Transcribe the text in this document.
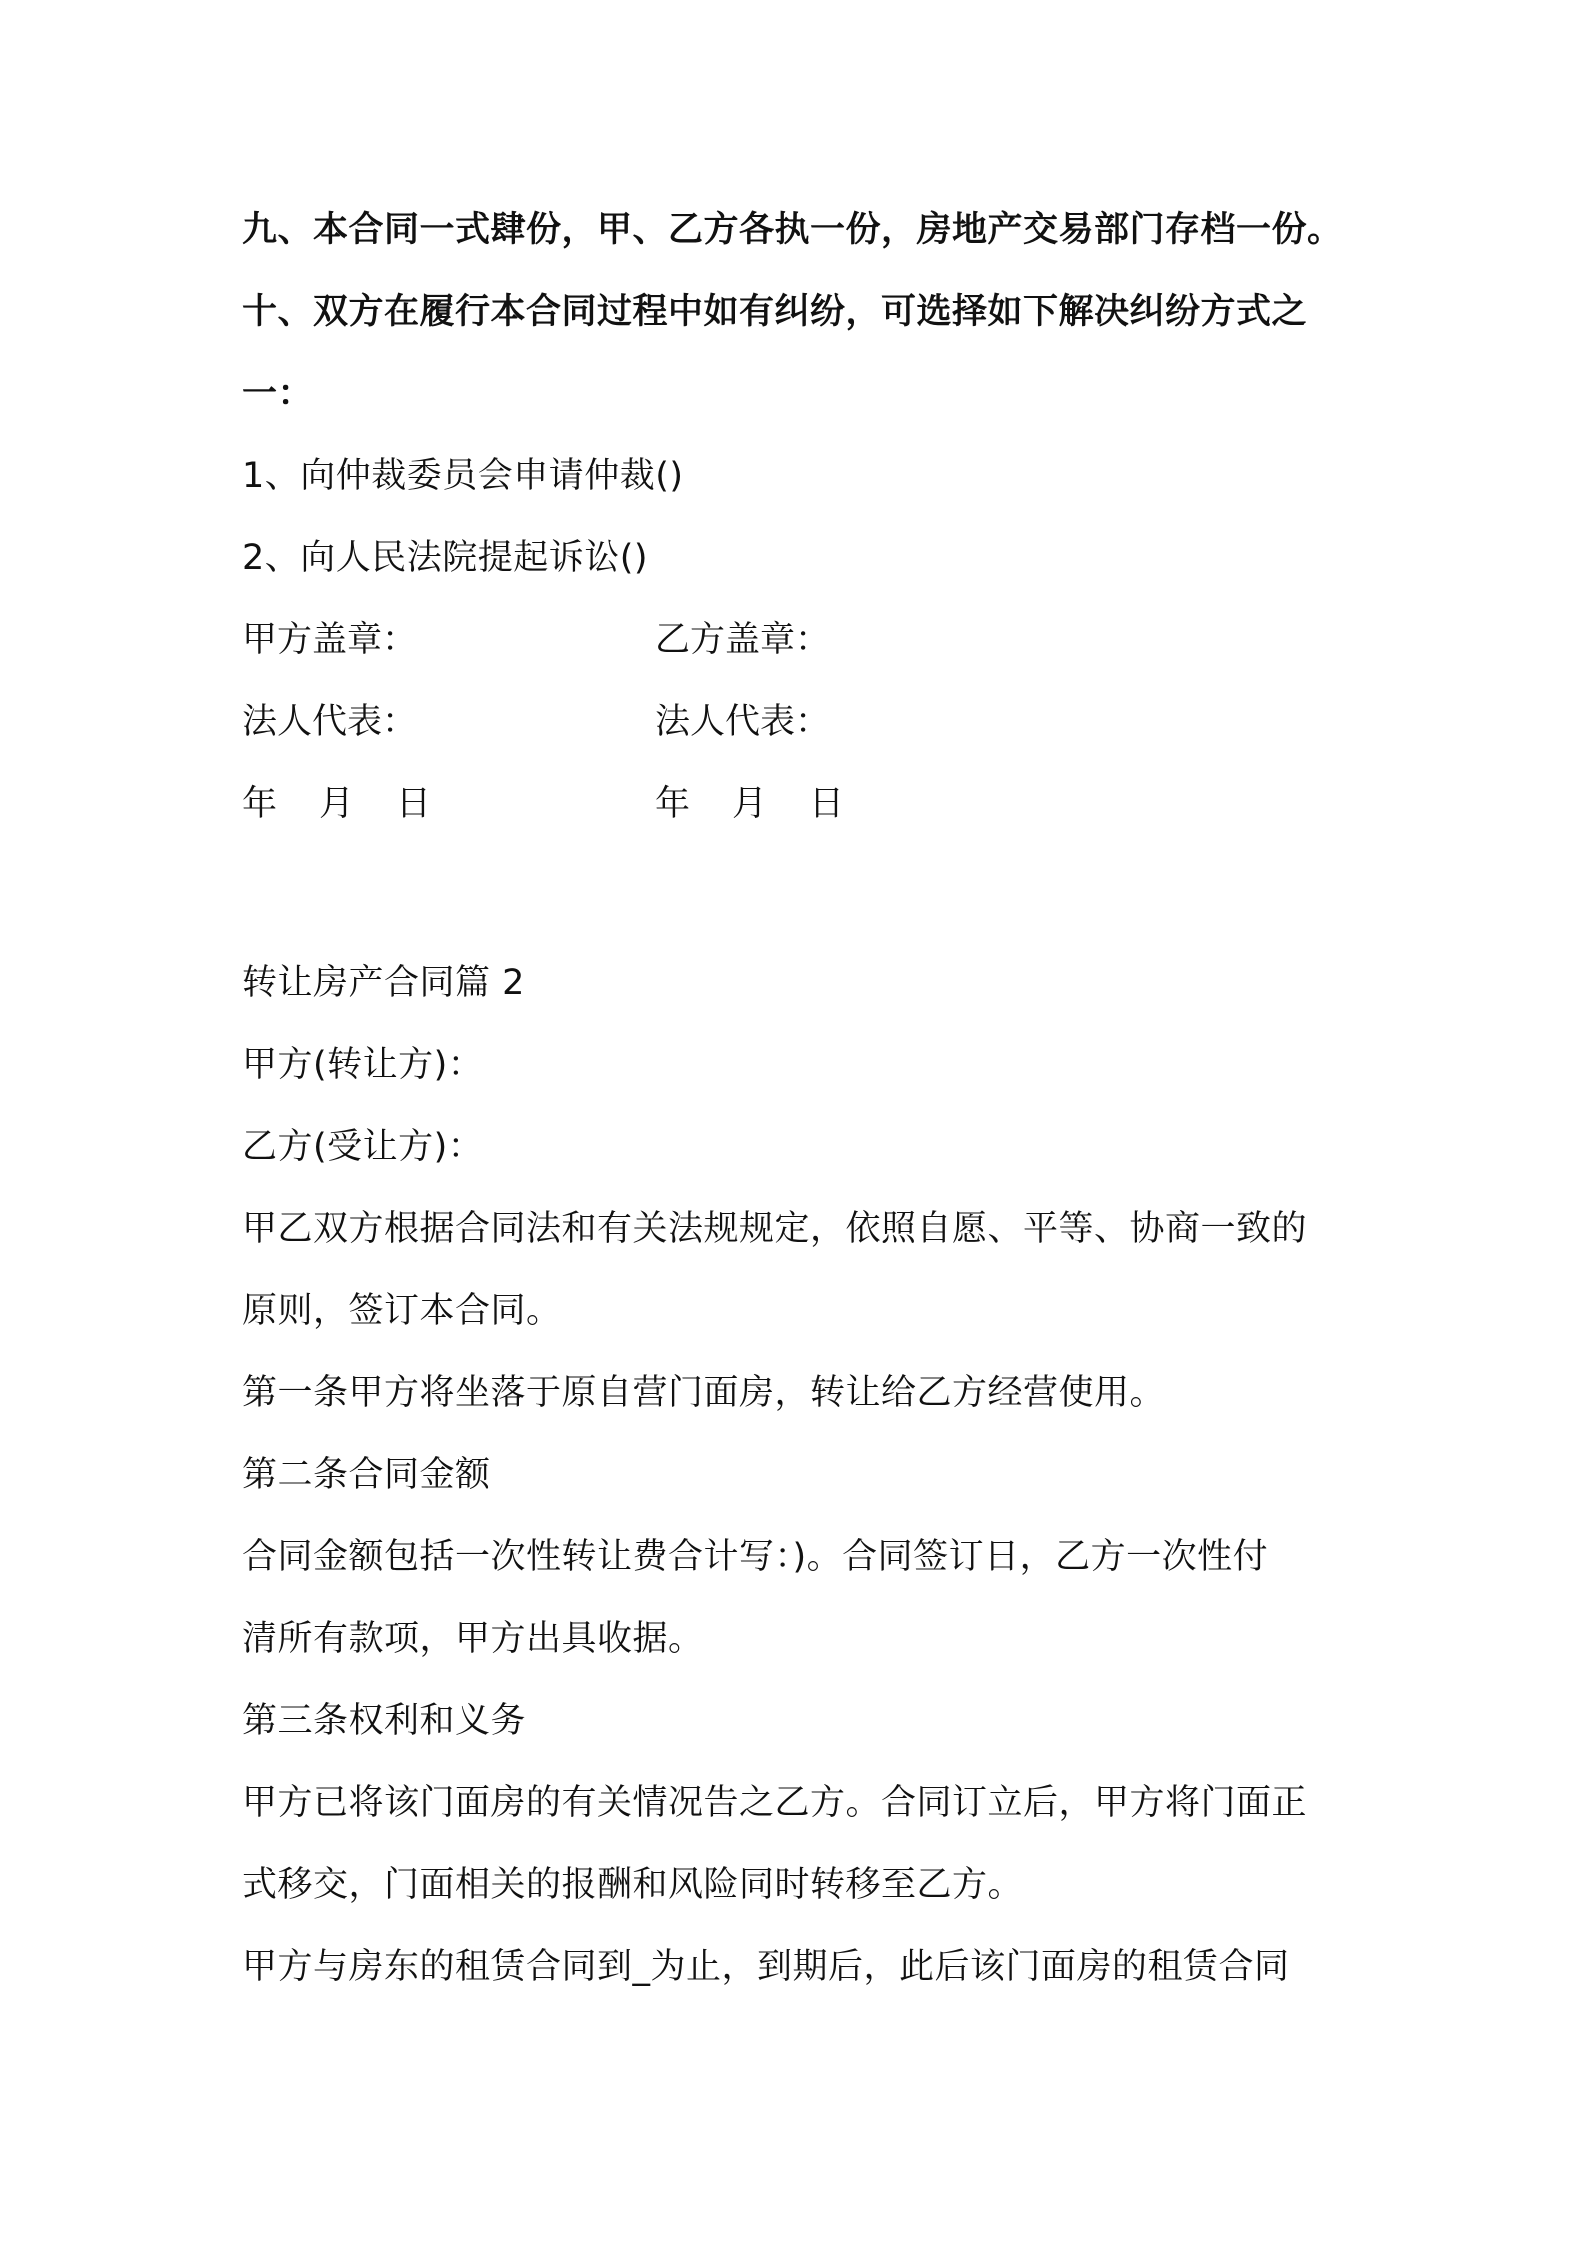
九、本合同一式肆份，甲、乙方各执一份，房地产交易部门存档一份。
十、双方在履行本合同过程中如有纠纷，可选择如下解决纠纷方式之
一：
1、向仲裁委员会申请仲裁()
2、向人民法院提起诉讼()
甲方盖章：	乙方盖章：
法人代表：	法人代表：
年 月 日	年 月 日
转让房产合同篇 2
甲方(转让方)：
乙方(受让方)：
甲乙双方根据合同法和有关法规规定，依照自愿、平等、协商一致的
原则，签订本合同。
第一条甲方将坐落于原自营门面房，转让给乙方经营使用。
第二条合同金额
合同金额包括一次性转让费合计写：)。合同签订日，乙方一次性付
清所有款项，甲方出具收据。
第三条权利和义务
甲方已将该门面房的有关情况告之乙方。合同订立后，甲方将门面正
式移交，门面相关的报酬和风险同时转移至乙方。
甲方与房东的租赁合同到_为止，到期后，此后该门面房的租赁合同
